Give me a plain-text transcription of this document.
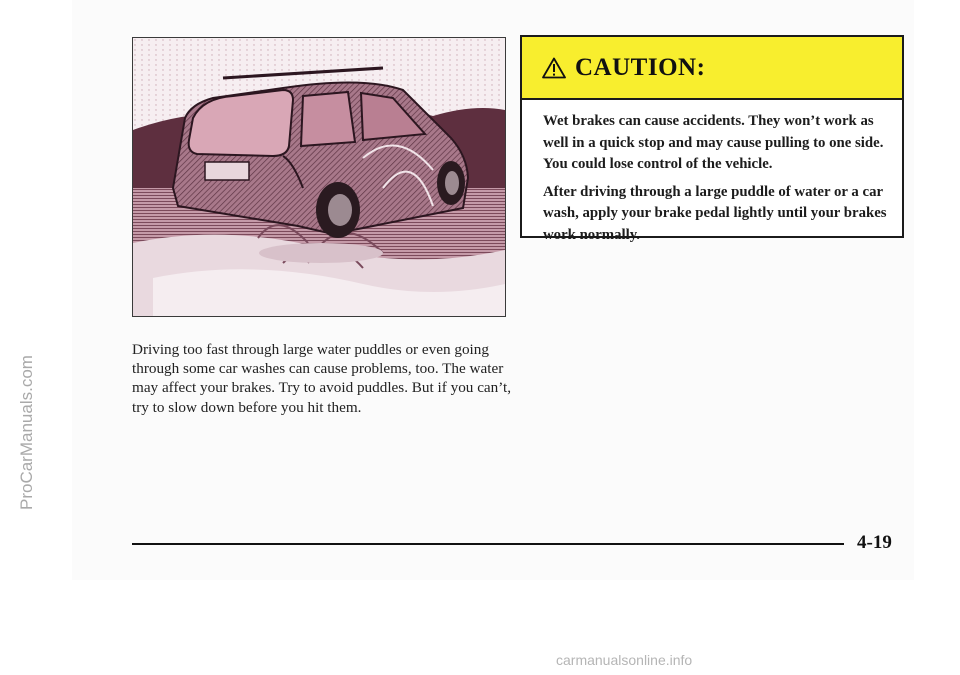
ProCarManuals.com

Driving too fast through large water puddles or even going through some car washes can cause problems, too. The water may affect your brakes. Try to avoid puddles. But if you can’t, try to slow down before you hit them.

CAUTION:

Wet brakes can cause accidents. They won’t work as well in a quick stop and may cause pulling to one side. You could lose control of the vehicle.

After driving through a large puddle of water or a car wash, apply your brake pedal lightly until your brakes work normally.

4-19
carmanualsonline.info
